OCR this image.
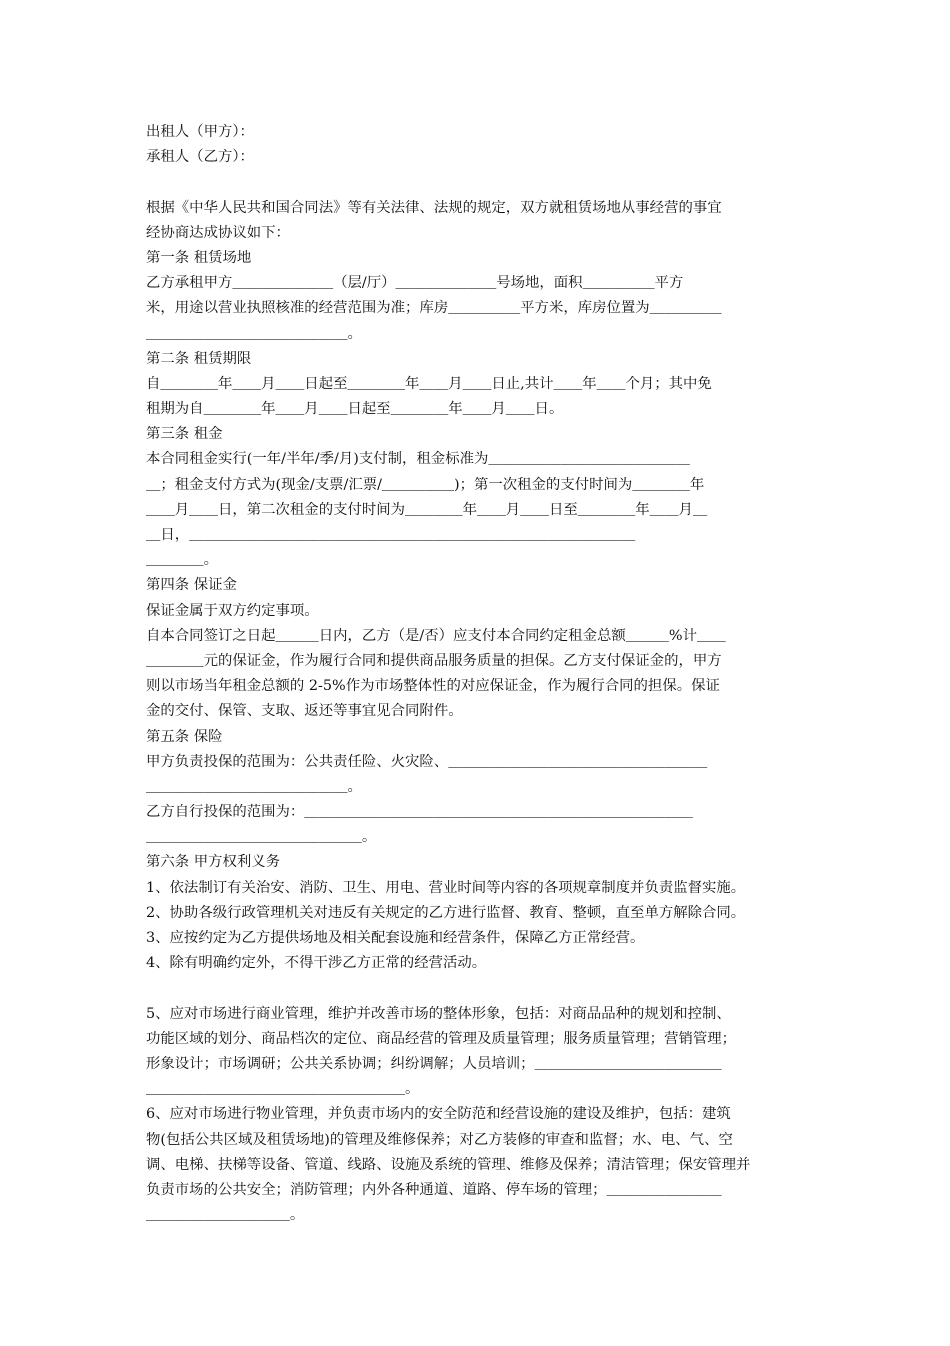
出租人（甲方）：
承租人（乙方）：
根据《中华人民共和国合同法》等有关法律、法规的规定，双方就租赁场地从事经营的事宜
经协商达成协议如下：
第一条 租赁场地
乙方承租甲方＿＿＿＿＿＿＿（层/厅）＿＿＿＿＿＿＿号场地，面积＿＿＿＿＿平方
米，用途以营业执照核准的经营范围为准；库房＿＿＿＿＿平方米，库房位置为＿＿＿＿＿
＿＿＿＿＿＿＿＿＿＿＿＿＿＿。
第二条 租赁期限
自＿＿＿＿年＿＿月＿＿日起至＿＿＿＿年＿＿月＿＿日止,共计＿＿年＿＿个月；其中免
租期为自＿＿＿＿年＿＿月＿＿日起至＿＿＿＿年＿＿月＿＿日。
第三条 租金
本合同租金实行(一年/半年/季/月)支付制，租金标准为＿＿＿＿＿＿＿＿＿＿＿＿＿＿
＿；租金支付方式为(现金/支票/汇票/＿＿＿＿＿)；第一次租金的支付时间为＿＿＿＿年
＿＿月＿＿日，第二次租金的支付时间为＿＿＿＿年＿＿月＿＿日至＿＿＿＿年＿＿月＿
＿日，＿＿＿＿＿＿＿＿＿＿＿＿＿＿＿＿＿＿＿＿＿＿＿＿＿＿＿＿＿＿＿
＿＿＿＿。
第四条 保证金
保证金属于双方约定事项。
自本合同签订之日起＿＿＿日内，乙方（是/否）应支付本合同约定租金总额＿＿＿%计＿＿
＿＿＿＿元的保证金，作为履行合同和提供商品服务质量的担保。乙方支付保证金的，甲方
则以市场当年租金总额的 2-5%作为市场整体性的对应保证金，作为履行合同的担保。保证
金的交付、保管、支取、返还等事宜见合同附件。
第五条 保险
甲方负责投保的范围为：公共责任险、火灾险、＿＿＿＿＿＿＿＿＿＿＿＿＿＿＿＿＿＿
＿＿＿＿＿＿＿＿＿＿＿＿＿＿。
乙方自行投保的范围为：＿＿＿＿＿＿＿＿＿＿＿＿＿＿＿＿＿＿＿＿＿＿＿＿＿＿＿
＿＿＿＿＿＿＿＿＿＿＿＿＿＿＿。
第六条 甲方权利义务
1、依法制订有关治安、消防、卫生、用电、营业时间等内容的各项规章制度并负责监督实施。
2、协助各级行政管理机关对违反有关规定的乙方进行监督、教育、整顿，直至单方解除合同。
3、应按约定为乙方提供场地及相关配套设施和经营条件，保障乙方正常经营。
4、除有明确约定外，不得干涉乙方正常的经营活动。
5、应对市场进行商业管理，维护并改善市场的整体形象，包括：对商品品种的规划和控制、
功能区域的划分、商品档次的定位、商品经营的管理及质量管理；服务质量管理；营销管理；
形象设计；市场调研；公共关系协调；纠纷调解；人员培训；＿＿＿＿＿＿＿＿＿＿＿＿＿
＿＿＿＿＿＿＿＿＿＿＿＿＿＿＿＿＿＿。
6、应对市场进行物业管理，并负责市场内的安全防范和经营设施的建设及维护，包括：建筑
物(包括公共区域及租赁场地)的管理及维修保养；对乙方装修的审查和监督；水、电、气、空
调、电梯、扶梯等设备、管道、线路、设施及系统的管理、维修及保养；清洁管理；保安管理并
负责市场的公共安全；消防管理；内外各种通道、道路、停车场的管理；＿＿＿＿＿＿＿＿
＿＿＿＿＿＿＿＿＿＿。
